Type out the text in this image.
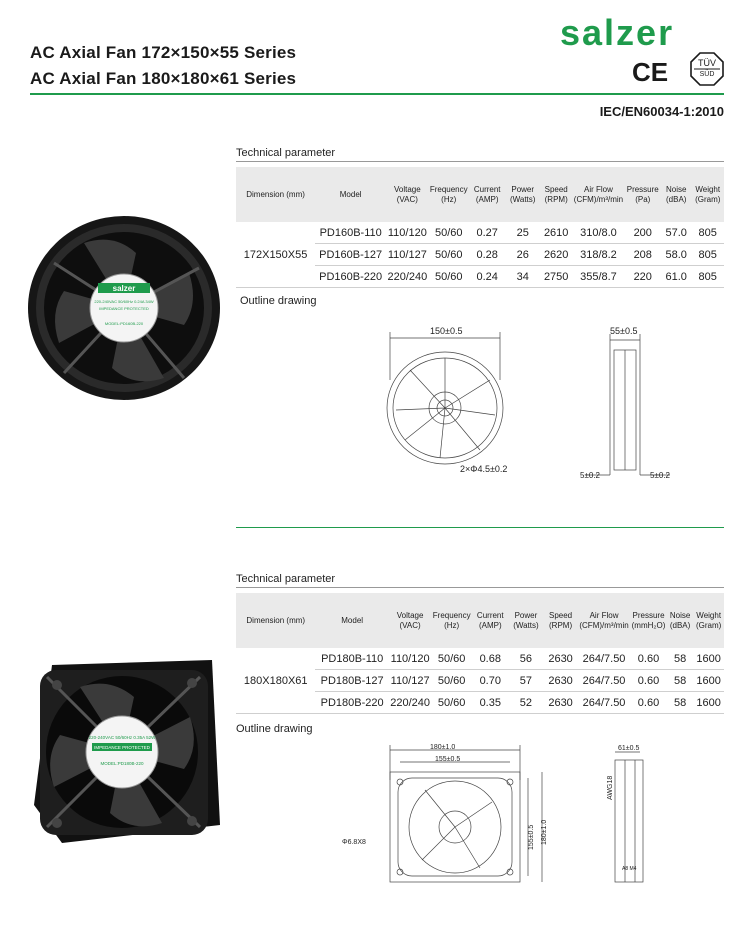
AC Axial Fan 172×150×55 Series
AC Axial Fan 180×180×61 Series
salzer
CE	TÜV
SÜD
IEC/EN60034-1:2010
Technical parameter
salzer
220-240VAC 50/60Hz 0.24A 34W
IMPEDANCE PROTECTED
MODEL:PD160B-220
Dimension (mm)	Model	Voltage (VAC)	Frequency (Hz)	Current (AMP)	Power (Watts)	Speed (RPM)	Air Flow (CFM)/m³/min	Pressure (Pa)	Noise (dBA)	Weight (Gram)
172X150X55	PD160B-110	110/120	50/60	0.27	25	2610	310/8.0	200	57.0	805
	PD160B-127	110/127	50/60	0.28	26	2620	318/8.2	208	58.0	805
	PD160B-220	220/240	50/60	0.24	34	2750	355/8.7	220	61.0	805
Outline drawing
150±0.5	55±0.5
2×Φ4.5±0.2
5±0.2	5±0.2
Technical parameter
220-240VAC 50/60Hz 0.35A 52W
IMPEDANCE PROTECTED
MODEL:PD180B-220
Dimension (mm)	Model	Voltage (VAC)	Frequency (Hz)	Current (AMP)	Power (Watts)	Speed (RPM)	Air Flow (CFM)/m³/min	Pressure (mmH₂O)	Noise (dBA)	Weight (Gram)
180X180X61	PD180B-110	110/120	50/60	0.68	56	2630	264/7.50	0.60	58	1600
	PD180B-127	110/127	50/60	0.70	57	2630	264/7.50	0.60	58	1600
	PD180B-220	220/240	50/60	0.35	52	2630	264/7.50	0.60	58	1600
Outline drawing
180±1.0
155±0.5
155±0.5 180±1.0
Φ6.8X8
61±0.5
AWG18
A8 M4
